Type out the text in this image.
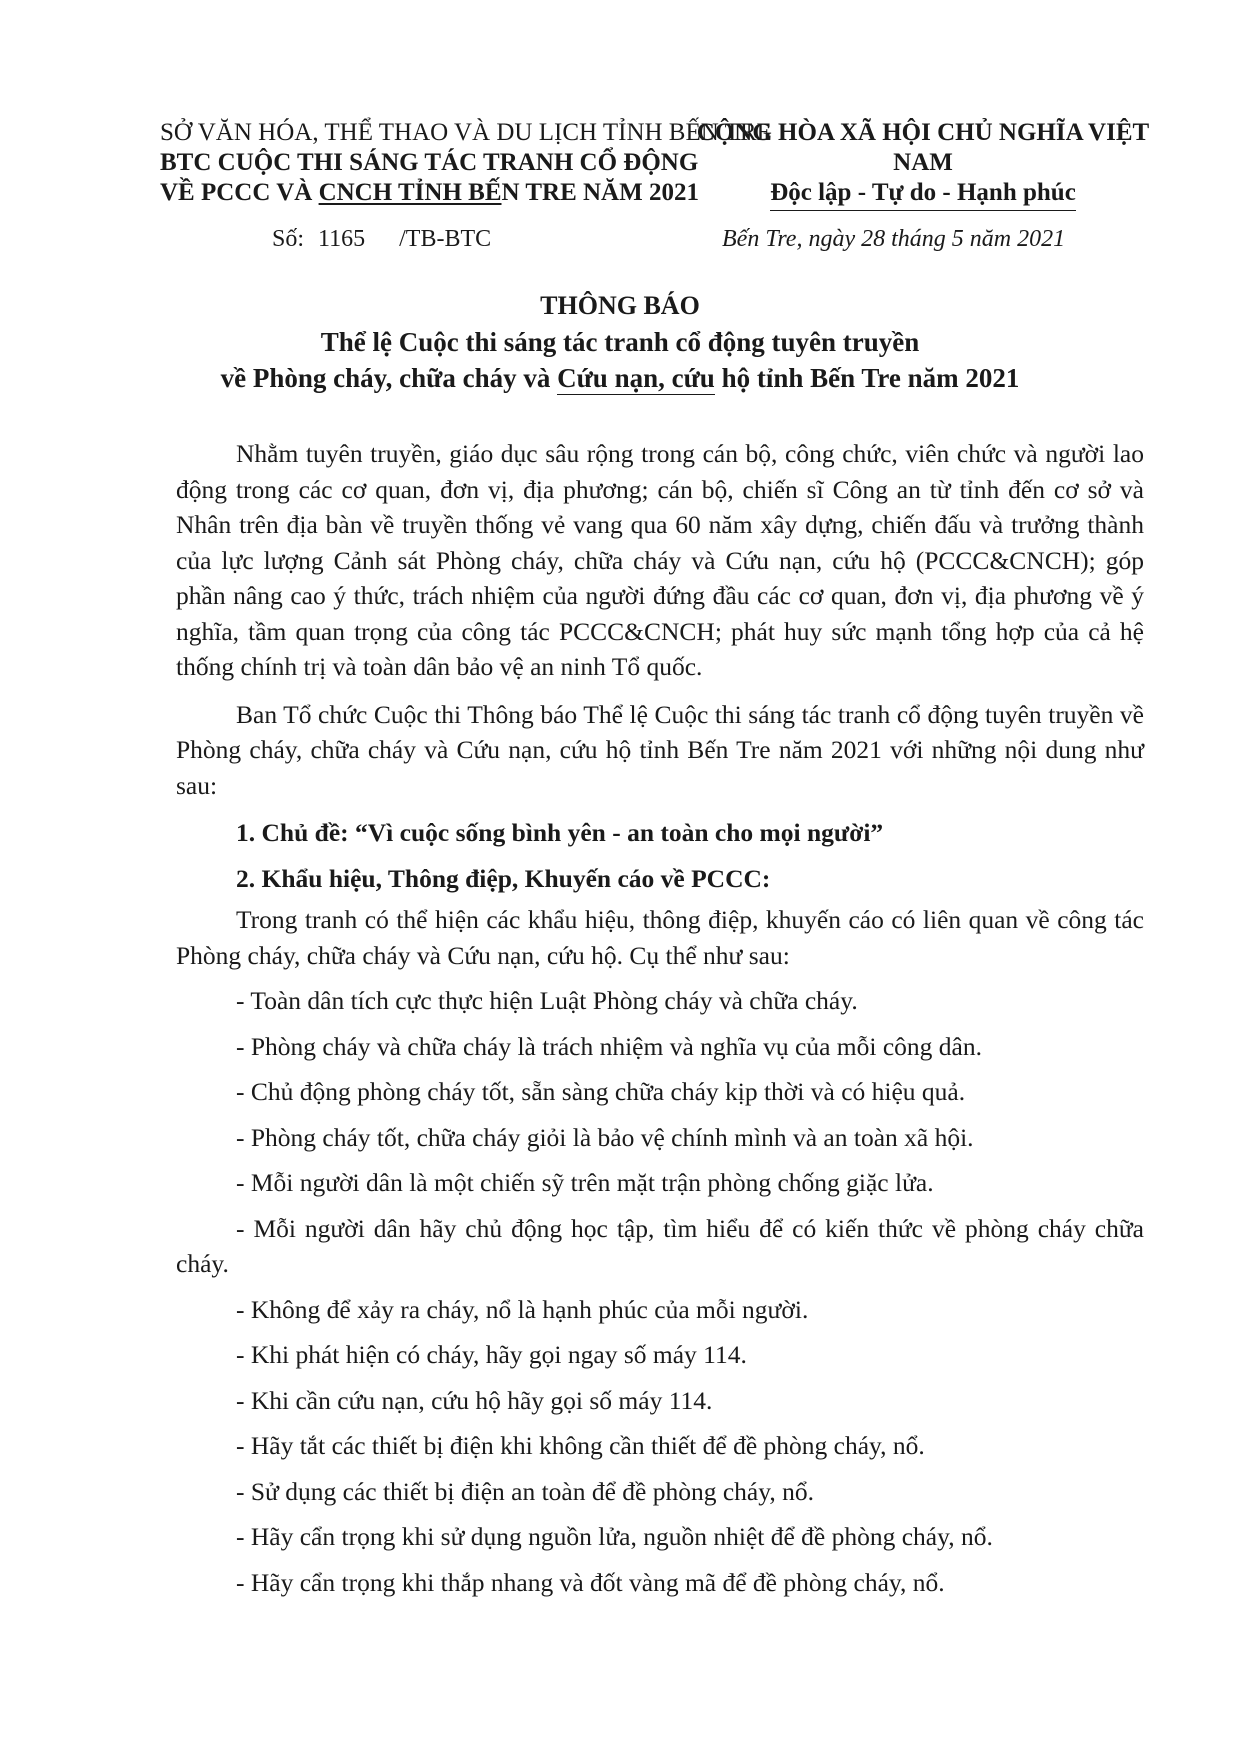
SỞ VĂN HÓA, THỂ THAO VÀ DU LỊCH TỈNH BẾN TRE
BTC CUỘC THI SÁNG TÁC TRANH CỔ ĐỘNG
VỀ PCCC VÀ CNCH TỈNH BẾN TRE NĂM 2021
CỘNG HÒA XÃ HỘI CHỦ NGHĨA VIỆT NAM
Độc lập - Tự do - Hạnh phúc
Số: 1165 /TB-BTC	Bến Tre, ngày 28 tháng 5 năm 2021
THÔNG BÁO
Thể lệ Cuộc thi sáng tác tranh cổ động tuyên truyền
về Phòng cháy, chữa cháy và Cứu nạn, cứu hộ tỉnh Bến Tre năm 2021

Nhằm tuyên truyền, giáo dục sâu rộng trong cán bộ, công chức, viên chức và người lao động trong các cơ quan, đơn vị, địa phương; cán bộ, chiến sĩ Công an từ tỉnh đến cơ sở và Nhân trên địa bàn về truyền thống vẻ vang qua 60 năm xây dựng, chiến đấu và trưởng thành của lực lượng Cảnh sát Phòng cháy, chữa cháy và Cứu nạn, cứu hộ (PCCC&CNCH); góp phần nâng cao ý thức, trách nhiệm của người đứng đầu các cơ quan, đơn vị, địa phương về ý nghĩa, tầm quan trọng của công tác PCCC&CNCH; phát huy sức mạnh tổng hợp của cả hệ thống chính trị và toàn dân bảo vệ an ninh Tổ quốc.

Ban Tổ chức Cuộc thi Thông báo Thể lệ Cuộc thi sáng tác tranh cổ động tuyên truyền về Phòng cháy, chữa cháy và Cứu nạn, cứu hộ tỉnh Bến Tre năm 2021 với những nội dung như sau:

1. Chủ đề: “Vì cuộc sống bình yên - an toàn cho mọi người”
2. Khẩu hiệu, Thông điệp, Khuyến cáo về PCCC:

Trong tranh có thể hiện các khẩu hiệu, thông điệp, khuyến cáo có liên quan về công tác Phòng cháy, chữa cháy và Cứu nạn, cứu hộ. Cụ thể như sau:

- Toàn dân tích cực thực hiện Luật Phòng cháy và chữa cháy.

- Phòng cháy và chữa cháy là trách nhiệm và nghĩa vụ của mỗi công dân.

- Chủ động phòng cháy tốt, sẵn sàng chữa cháy kịp thời và có hiệu quả.

- Phòng cháy tốt, chữa cháy giỏi là bảo vệ chính mình và an toàn xã hội.

- Mỗi người dân là một chiến sỹ trên mặt trận phòng chống giặc lửa.

- Mỗi người dân hãy chủ động học tập, tìm hiểu để có kiến thức về phòng cháy chữa cháy.

- Không để xảy ra cháy, nổ là hạnh phúc của mỗi người.

- Khi phát hiện có cháy, hãy gọi ngay số máy 114.

- Khi cần cứu nạn, cứu hộ hãy gọi số máy 114.

- Hãy tắt các thiết bị điện khi không cần thiết để đề phòng cháy, nổ.

- Sử dụng các thiết bị điện an toàn để đề phòng cháy, nổ.

- Hãy cẩn trọng khi sử dụng nguồn lửa, nguồn nhiệt để đề phòng cháy, nổ.

- Hãy cẩn trọng khi thắp nhang và đốt vàng mã để đề phòng cháy, nổ.
